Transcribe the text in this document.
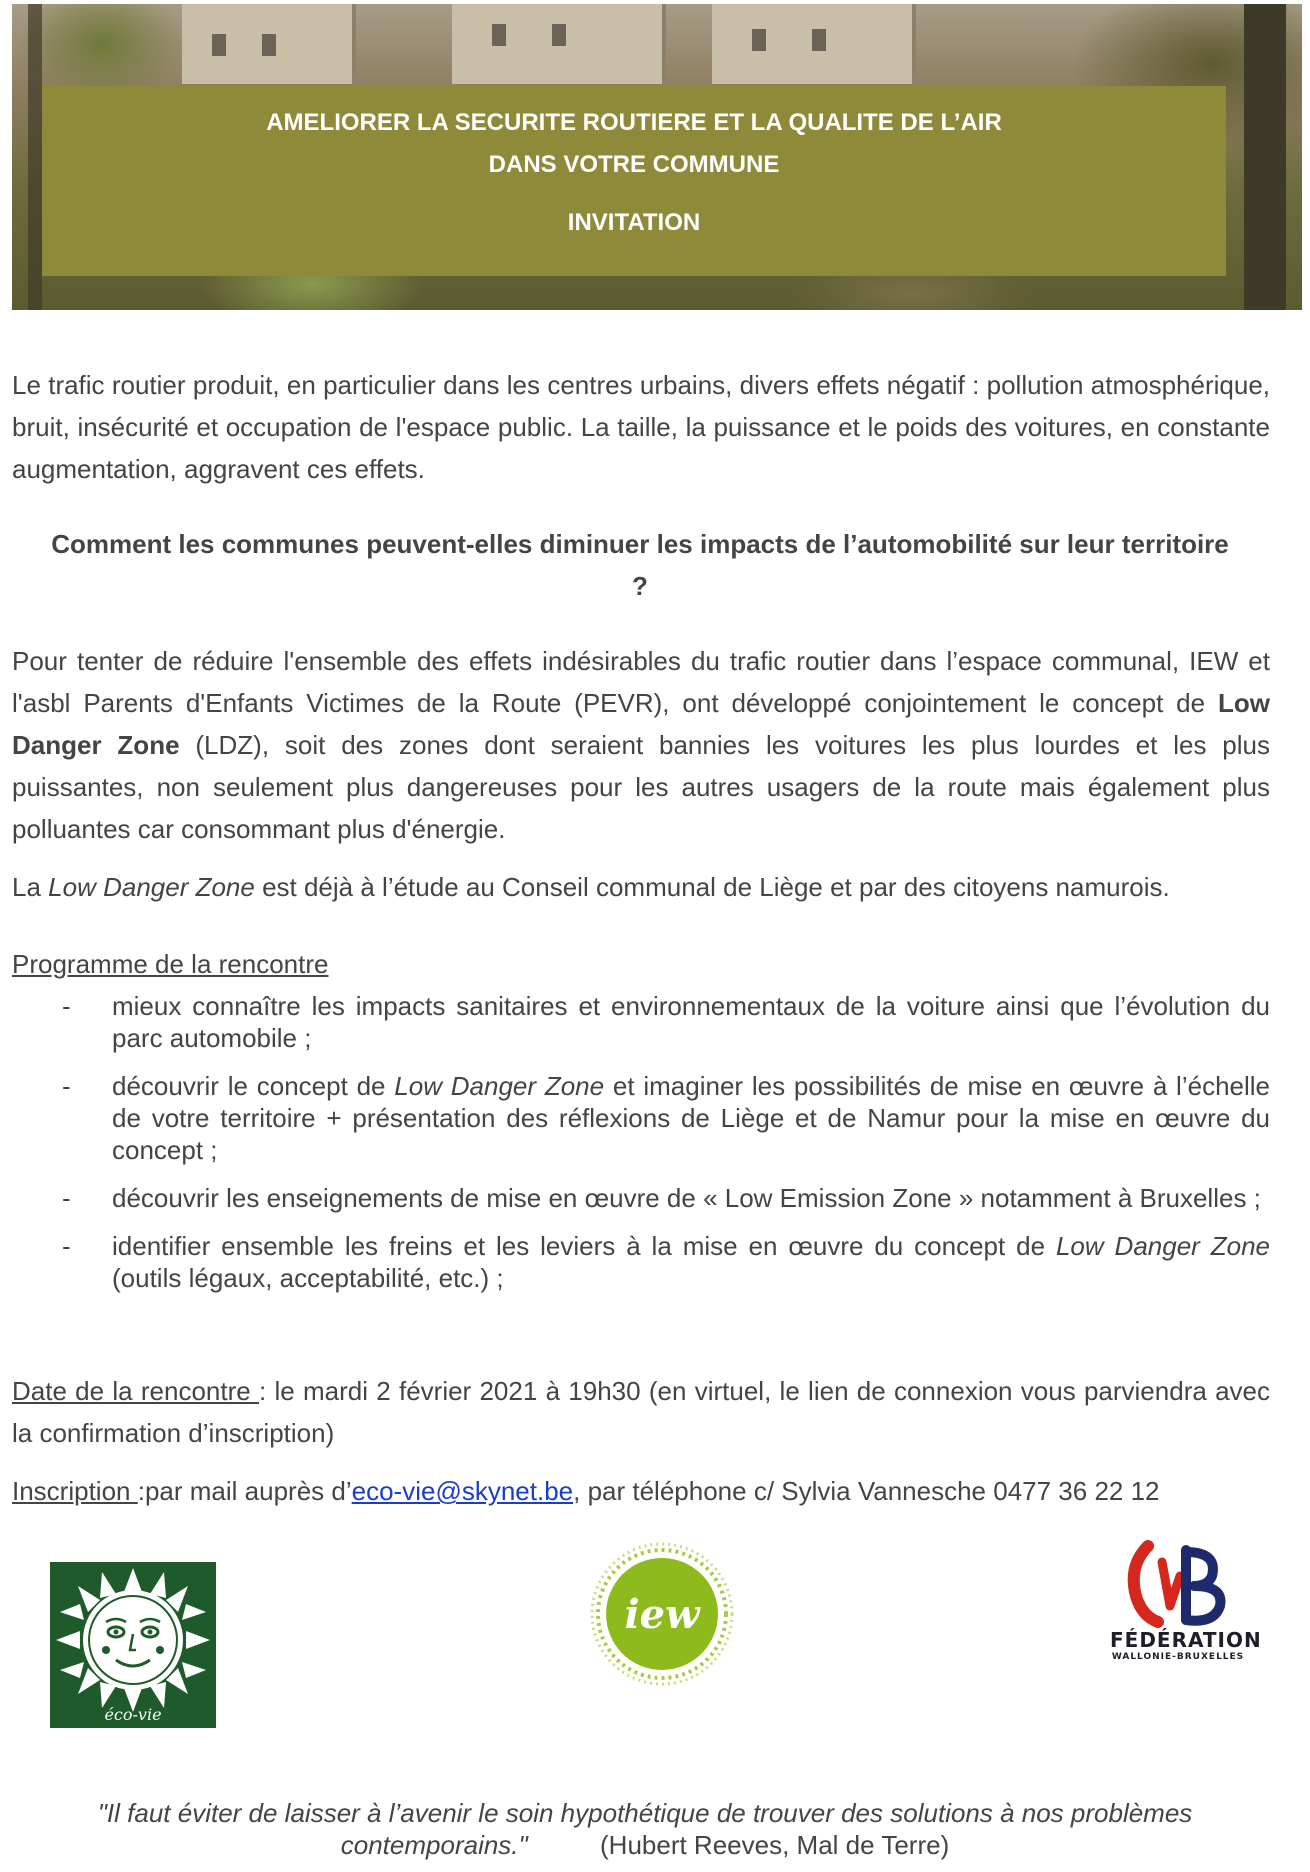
AMELIORER LA SECURITE ROUTIERE ET LA QUALITE DE L’AIR
DANS VOTRE COMMUNE
INVITATION
Le trafic routier produit, en particulier dans les centres urbains, divers effets négatif : pollution atmosphérique, bruit, insécurité et occupation de l'espace public. La taille, la puissance et le poids des voitures, en constante augmentation, aggravent ces effets.
Comment les communes peuvent-elles diminuer les impacts de l’automobilité sur leur territoire ?
Pour tenter de réduire l'ensemble des effets indésirables du trafic routier dans l’espace communal, IEW et l'asbl Parents d'Enfants Victimes de la Route (PEVR), ont développé conjointement le concept de Low Danger Zone (LDZ), soit des zones dont seraient bannies les voitures les plus lourdes et les plus puissantes, non seulement plus dangereuses pour les autres usagers de la route mais également plus polluantes car consommant plus d'énergie.
La Low Danger Zone est déjà à l’étude au Conseil communal de Liège et par des citoyens namurois.
Programme de la rencontre
- mieux connaître les impacts sanitaires et environnementaux de la voiture ainsi que l’évolution du parc automobile ;
- découvrir le concept de Low Danger Zone et imaginer les possibilités de mise en œuvre à l’échelle de votre territoire + présentation des réflexions de Liège et de Namur pour la mise en œuvre du concept ;
- découvrir les enseignements de mise en œuvre de « Low Emission Zone » notamment à Bruxelles ;
- identifier ensemble les freins et les leviers à la mise en œuvre du concept de Low Danger Zone (outils légaux, acceptabilité, etc.) ;
Date de la rencontre : le mardi 2 février 2021 à 19h30 (en virtuel, le lien de connexion vous parviendra avec la confirmation d’inscription)
Inscription :par mail auprès d’eco-vie@skynet.be, par téléphone c/ Sylvia Vannesche 0477 36 22 12
éco-vie
iew
FÉDÉRATION
WALLONIE-BRUXELLES
"Il faut éviter de laisser à l’avenir le soin hypothétique de trouver des solutions à nos problèmes contemporains."	(Hubert Reeves, Mal de Terre)
